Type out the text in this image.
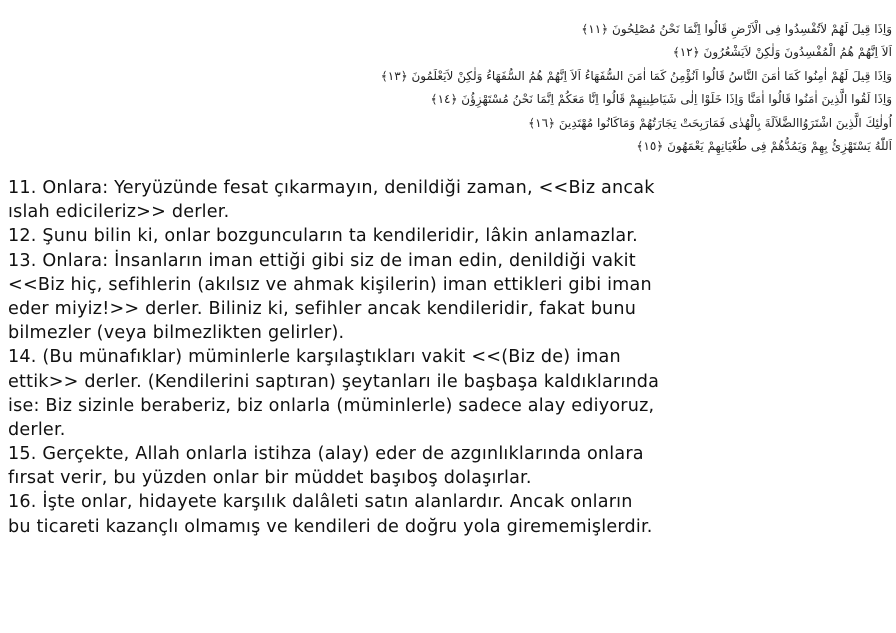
وَاِذَا قِيلَ لَهُمْ لاَتُفْسِدُوا فِى الْاَرْضِ قَالُوا اِنَّمَا نَحْنُ مُصْلِحُونَ ﴿١١﴾
اَلاَ اِنَّهُمْ هُمُ الْمُفْسِدُونَ وَلٰكِنْ لاَيَشْعُرُونَ ﴿١٢﴾
وَاِذَا قِيلَ لَهُمْ اٰمِنُوا كَمَا اٰمَنَ النَّاسُ قَالُوا اَنُؤْمِنُ كَمَا اٰمَنَ السُّفَهَاءُ اَلاَ اِنَّهُمْ هُمُ السُّفَهَاءُ وَلٰكِنْ لاَيَعْلَمُونَ ﴿١٣﴾
وَاِذَا لَقُوا الَّذِينَ اٰمَنُوا قَالُوا اٰمَنَّا وَاِذَا خَلَوْا اِلٰى شَيَاطِينِهِمْ قَالُوا اِنَّا مَعَكُمْ اِنَّمَا نَحْنُ مُسْتَهْزِؤُنَ ﴿١٤﴾
اُولٰئِكَ الَّذِينَ اشْتَرَوُاالضَّلاَلَةَ بِالْهُدٰى فَمَارَبِحَتْ تِجَارَتُهُمْ وَمَاكَانُوا مُهْتَدِينَ ﴿١٦﴾
اَللّٰهُ يَسْتَهْزِئُ بِهِمْ وَيَمُدُّهُمْ فِى طُغْيَانِهِمْ يَعْمَهُونَ ﴿١٥﴾
11. Onlara: Yeryüzünde fesat çıkarmayın, denildiği zaman, <<Biz ancak
ıslah edicileriz>> derler.
12. Şunu bilin ki, onlar bozguncuların ta kendileridir, lâkin anlamazlar.
13. Onlara: İnsanların iman ettiği gibi siz de iman edin, denildiği vakit
<<Biz hiç, sefihlerin (akılsız ve ahmak kişilerin) iman ettikleri gibi iman
eder miyiz!>> derler. Biliniz ki, sefihler ancak kendileridir, fakat bunu
bilmezler (veya bilmezlikten gelirler).
14. (Bu münafıklar) müminlerle karşılaştıkları vakit <<(Biz de) iman
ettik>> derler. (Kendilerini saptıran) şeytanları ile başbaşa kaldıklarında
ise: Biz sizinle beraberiz, biz onlarla (müminlerle) sadece alay ediyoruz,
derler.
15. Gerçekte, Allah onlarla istihza (alay) eder de azgınlıklarında onlara
fırsat verir, bu yüzden onlar bir müddet başıboş dolaşırlar.
16. İşte onlar, hidayete karşılık dalâleti satın alanlardır. Ancak onların
bu ticareti kazançlı olmamış ve kendileri de doğru yola girememişlerdir.
